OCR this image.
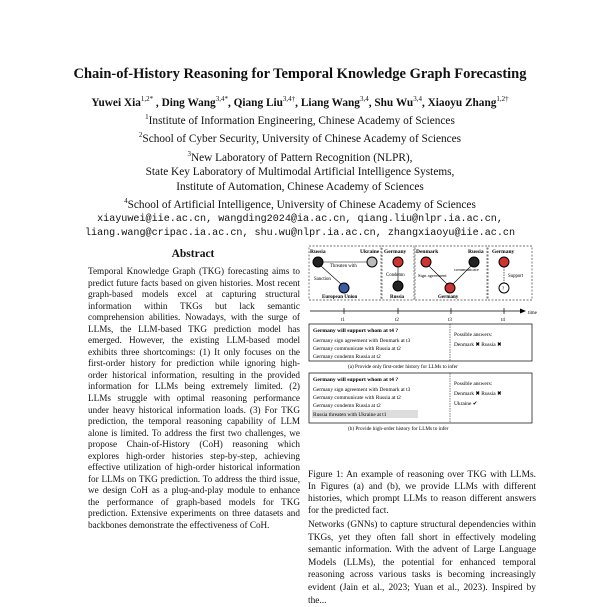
Chain-of-History Reasoning for Temporal Knowledge Graph Forecasting
Yuwei Xia$^{1,2*}$ , Ding Wang$^{3,4*}$, Qiang Liu$^{3,4\dagger}$, Liang Wang$^{3,4}$, Shu Wu$^{3,4}$, Xiaoyu Zhang$^{1,2\dagger}$
$^1$Institute of Information Engineering, Chinese Academy of Sciences
$^2$School of Cyber Security, University of Chinese Academy of Sciences
$^3$New Laboratory of Pattern Recognition (NLPR),
State Key Laboratory of Multimodal Artificial Intelligence Systems,
Institute of Automation, Chinese Academy of Sciences
$^4$School of Artificial Intelligence, University of Chinese Academy of Sciences
xiayuwei@iie.ac.cn, wangding2024@ia.ac.cn, qiang.liu@nlpr.ia.ac.cn,
liang.wang@cripac.ia.ac.cn, shu.wu@nlpr.ia.ac.cn, zhangxiaoyu@iie.ac.cn
Abstract
Temporal Knowledge Graph (TKG) forecasting aims to predict future facts based on given histories. Most recent graph-based models excel at capturing structural information within TKGs but lack semantic comprehension abilities. Nowadays, with the surge of LLMs, the LLM-based TKG prediction model has emerged. However, the existing LLM-based model exhibits three shortcomings: (1) It only focuses on the first-order history for prediction while ignoring high-order historical information, resulting in the provided information for LLMs being extremely limited. (2) LLMs struggle with optimal reasoning performance under heavy historical information loads. (3) For TKG prediction, the temporal reasoning capability of LLM alone is limited. To address the first two challenges, we propose Chain-of-History (CoH) reasoning which explores high-order histories step-by-step, achieving effective utilization of high-order historical information for LLMs on TKG prediction. To address the third issue, we design CoH as a plug-and-play module to enhance the performance of graph-based models for TKG prediction. Extensive experiments on three datasets and backbones demonstrate the effectiveness of CoH.
Russia	Ukraine
Threaten with
Sanction
European Union
Germany
Condemn
Russia
Denmark	Russia
Sign agreement
communicate
Germany
?
Germany
Support
time
t1	t2	t3	t4
Germany will support whom at t4 ?
Germany sign agreement with Denmark at t3
Germany communicate with Russia at t2
Germany condemn Russia at t2
Possible answers:
Denmark ✖ Russia ✖
(a) Provide only first-order history for LLMs to infer
Germany will support whom at t4 ?
Germany sign agreement with Denmark at t3
Germany communicate with Russia at t2
Germany condemn Russia at t2
Russia threaten with Ukraine at t1
Possible answers:
Denmark ✖ Russia ✖
Ukraine ✔
(b) Provide high-order history for LLMs to infer
Figure 1: An example of reasoning over TKG with LLMs. In Figures (a) and (b), we provide LLMs with different histories, which prompt LLMs to reason different answers for the predicted fact.
Networks (GNNs) to capture structural dependencies within TKGs, yet they often fall short in effectively modeling semantic information. With the advent of Large Language Models (LLMs), the potential for enhanced temporal reasoning across various tasks is becoming increasingly evident (Jain et al., 2023; Yuan et al., 2023). Inspired by the...
